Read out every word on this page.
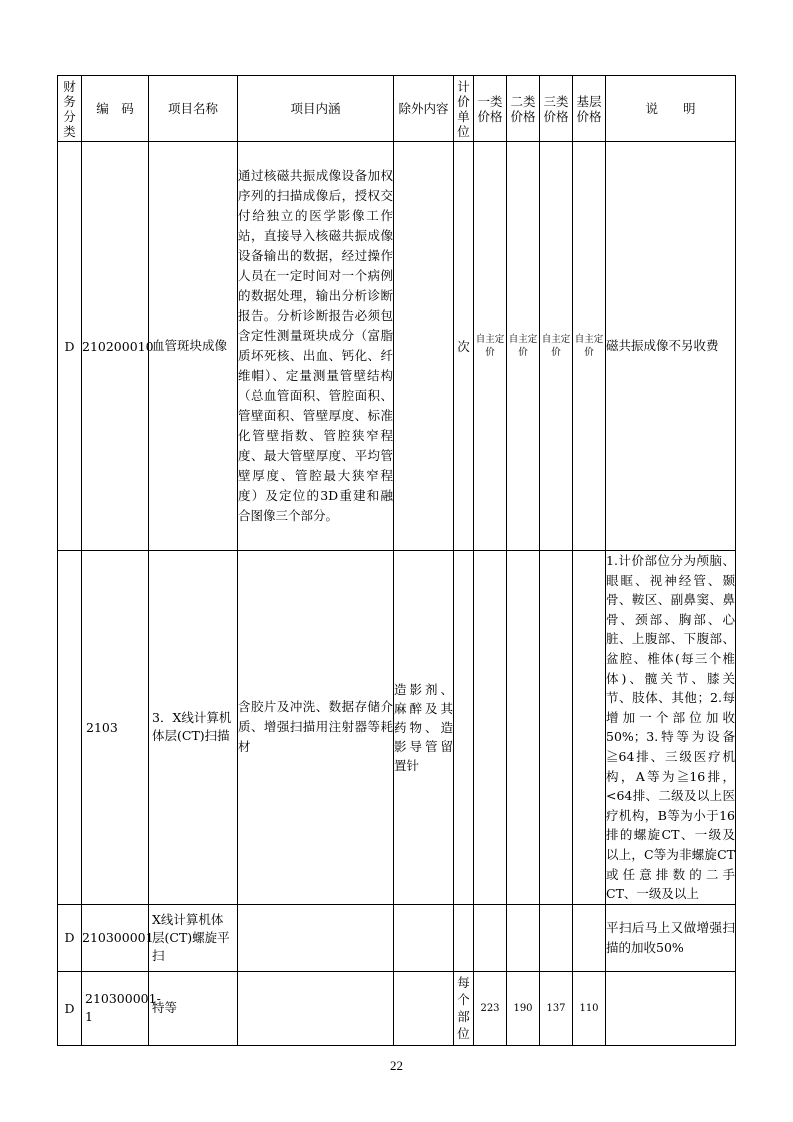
财务分类	编　码	项目名称	项目内涵	除外内容	计价单位	一类价格	二类价格	三类价格	基层价格	说　　明
D	210200010	血管斑块成像	通过核磁共振成像设备加权序列的扫描成像后，授权交付给独立的医学影像工作站，直接导入核磁共振成像设备输出的数据，经过操作人员在一定时间对一个病例的数据处理，输出分析诊断报告。分析诊断报告必须包含定性测量斑块成分（富脂质坏死核、出血、钙化、纤维帽）、定量测量管壁结构（总血管面积、管腔面积、管壁面积、管壁厚度、标准化管壁指数、管腔狭窄程度、最大管壁厚度、平均管壁厚度、管腔最大狭窄程度）及定位的3D重建和融合图像三个部分。		次	自主定价	自主定价	自主定价	自主定价	磁共振成像不另收费
	2103	3．X线计算机体层(CT)扫描	含胶片及冲洗、数据存储介质、增强扫描用注射器等耗材	造影剂、麻醉及其药物、造影导管留置针						1.计价部位分为颅脑、眼眶、视神经管、颞骨、鞍区、副鼻窦、鼻骨、颈部、胸部、心脏、上腹部、下腹部、盆腔、椎体(每三个椎体)、髋关节、膝关节、肢体、其他；2.每增加一个部位加收50%；3.特等为设备≧64排、三级医疗机构，A等为≧16排，<64排、二级及以上医疗机构，B等为小于16排的螺旋CT、一级及以上，C等为非螺旋CT或任意排数的二手CT、一级及以上
D	210300001	X线计算机体层(CT)螺旋平扫								平扫后马上又做增强扫描的加收50%
D	210300001-1	特等			每个部位	223	190	137	110	
22
